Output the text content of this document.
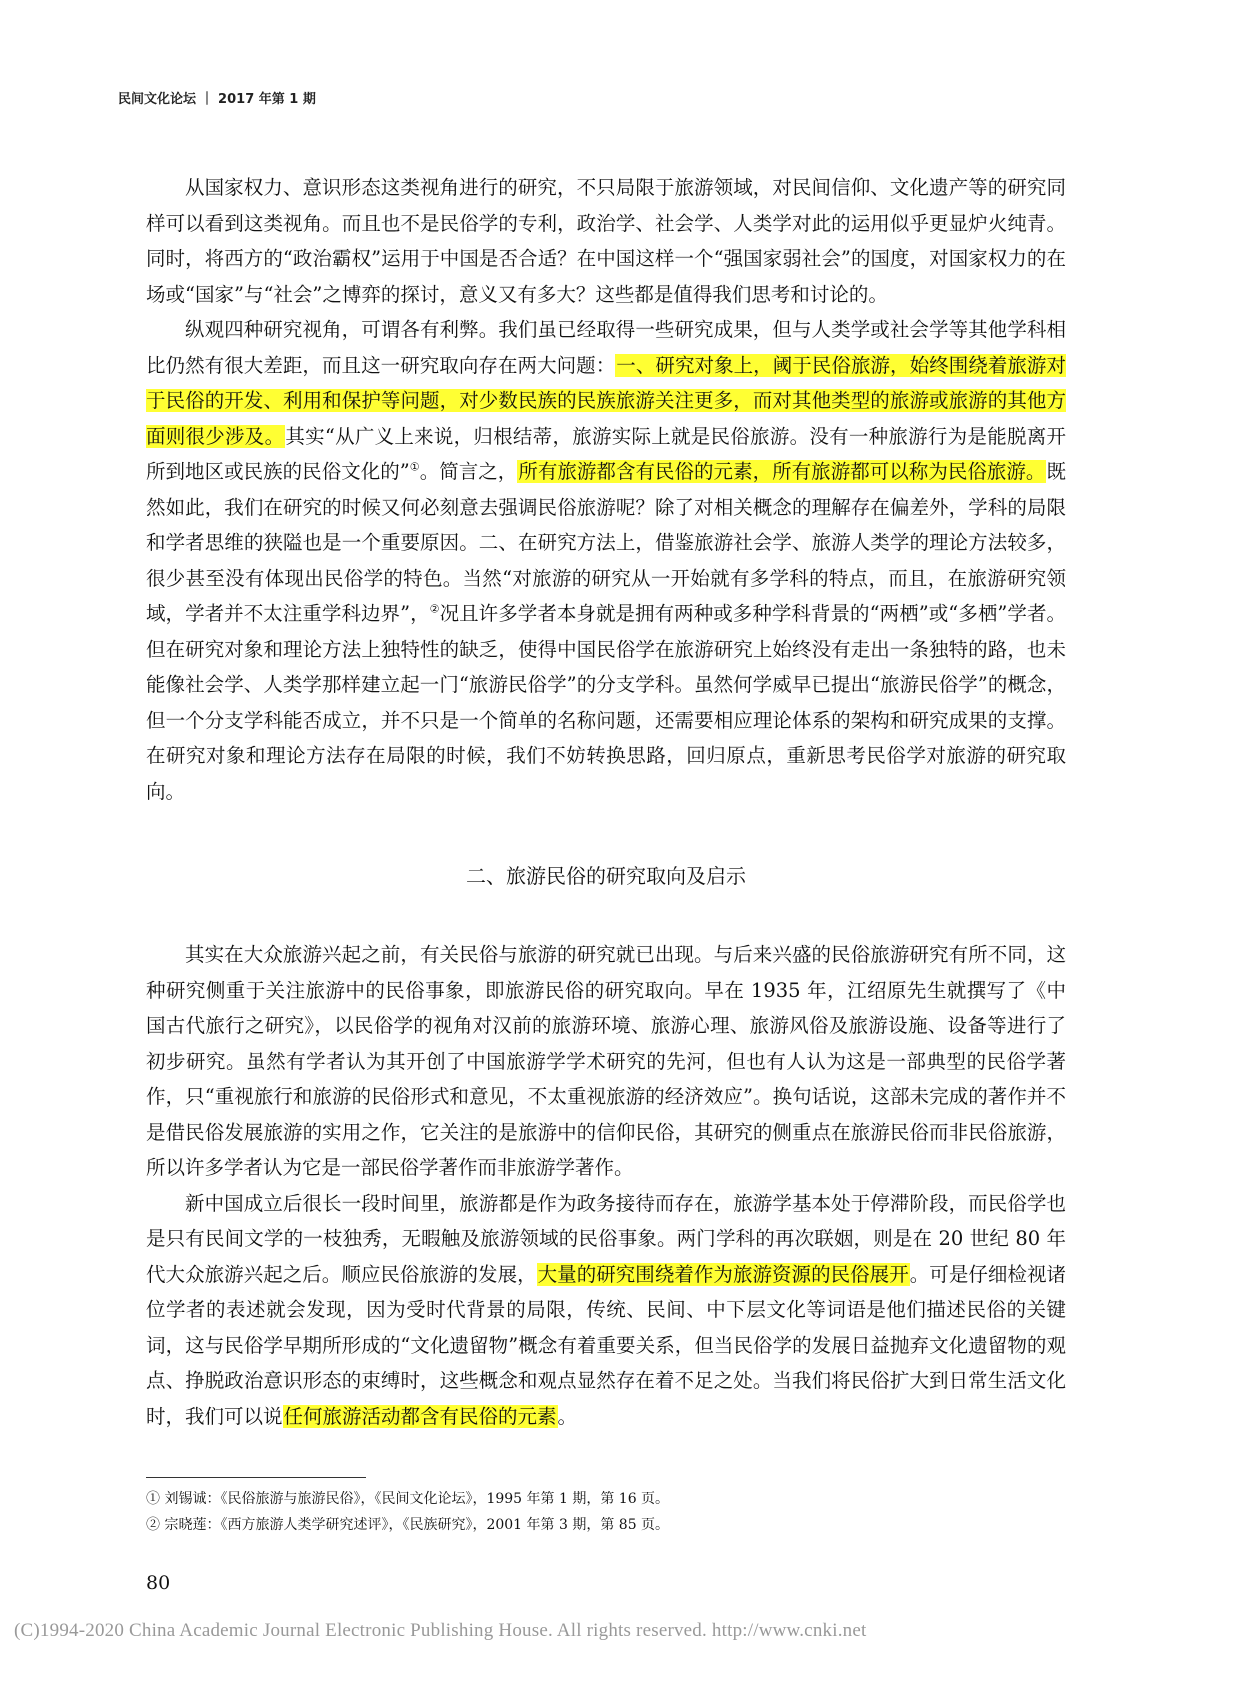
民间文化论坛 ｜ 2017 年第 1 期

从国家权力、意识形态这类视角进行的研究，不只局限于旅游领域，对民间信仰、文化遗产等的研究同样可以看到这类视角。而且也不是民俗学的专利，政治学、社会学、人类学对此的运用似乎更显炉火纯青。同时，将西方的“政治霸权”运用于中国是否合适？在中国这样一个“强国家弱社会”的国度，对国家权力的在场或“国家”与“社会”之博弈的探讨，意义又有多大？这些都是值得我们思考和讨论的。

纵观四种研究视角，可谓各有利弊。我们虽已经取得一些研究成果，但与人类学或社会学等其他学科相比仍然有很大差距，而且这一研究取向存在两大问题：一、研究对象上，阈于民俗旅游，始终围绕着旅游对于民俗的开发、利用和保护等问题，对少数民族的民族旅游关注更多，而对其他类型的旅游或旅游的其他方面则很少涉及。其实“从广义上来说，归根结蒂，旅游实际上就是民俗旅游。没有一种旅游行为是能脱离开所到地区或民族的民俗文化的”①。简言之，所有旅游都含有民俗的元素，所有旅游都可以称为民俗旅游。既然如此，我们在研究的时候又何必刻意去强调民俗旅游呢？除了对相关概念的理解存在偏差外，学科的局限和学者思维的狭隘也是一个重要原因。二、在研究方法上，借鉴旅游社会学、旅游人类学的理论方法较多，很少甚至没有体现出民俗学的特色。当然“对旅游的研究从一开始就有多学科的特点，而且，在旅游研究领域，学者并不太注重学科边界”，②况且许多学者本身就是拥有两种或多种学科背景的“两栖”或“多栖”学者。但在研究对象和理论方法上独特性的缺乏，使得中国民俗学在旅游研究上始终没有走出一条独特的路，也未能像社会学、人类学那样建立起一门“旅游民俗学”的分支学科。虽然何学威早已提出“旅游民俗学”的概念，但一个分支学科能否成立，并不只是一个简单的名称问题，还需要相应理论体系的架构和研究成果的支撑。在研究对象和理论方法存在局限的时候，我们不妨转换思路，回归原点，重新思考民俗学对旅游的研究取向。

二、旅游民俗的研究取向及启示

其实在大众旅游兴起之前，有关民俗与旅游的研究就已出现。与后来兴盛的民俗旅游研究有所不同，这种研究侧重于关注旅游中的民俗事象，即旅游民俗的研究取向。早在 1935 年，江绍原先生就撰写了《中国古代旅行之研究》，以民俗学的视角对汉前的旅游环境、旅游心理、旅游风俗及旅游设施、设备等进行了初步研究。虽然有学者认为其开创了中国旅游学学术研究的先河，但也有人认为这是一部典型的民俗学著作，只“重视旅行和旅游的民俗形式和意见，不太重视旅游的经济效应”。换句话说，这部未完成的著作并不是借民俗发展旅游的实用之作，它关注的是旅游中的信仰民俗，其研究的侧重点在旅游民俗而非民俗旅游，所以许多学者认为它是一部民俗学著作而非旅游学著作。

新中国成立后很长一段时间里，旅游都是作为政务接待而存在，旅游学基本处于停滞阶段，而民俗学也是只有民间文学的一枝独秀，无暇触及旅游领域的民俗事象。两门学科的再次联姻，则是在 20 世纪 80 年代大众旅游兴起之后。顺应民俗旅游的发展，大量的研究围绕着作为旅游资源的民俗展开。可是仔细检视诸位学者的表述就会发现，因为受时代背景的局限，传统、民间、中下层文化等词语是他们描述民俗的关键词，这与民俗学早期所形成的“文化遗留物”概念有着重要关系，但当民俗学的发展日益抛弃文化遗留物的观点、挣脱政治意识形态的束缚时，这些概念和观点显然存在着不足之处。当我们将民俗扩大到日常生活文化时，我们可以说任何旅游活动都含有民俗的元素。

① 刘锡诚：《民俗旅游与旅游民俗》，《民间文化论坛》，1995 年第 1 期，第 16 页。
② 宗晓莲：《西方旅游人类学研究述评》，《民族研究》，2001 年第 3 期，第 85 页。
80
(C)1994-2020 China Academic Journal Electronic Publishing House. All rights reserved. http://www.cnki.net
